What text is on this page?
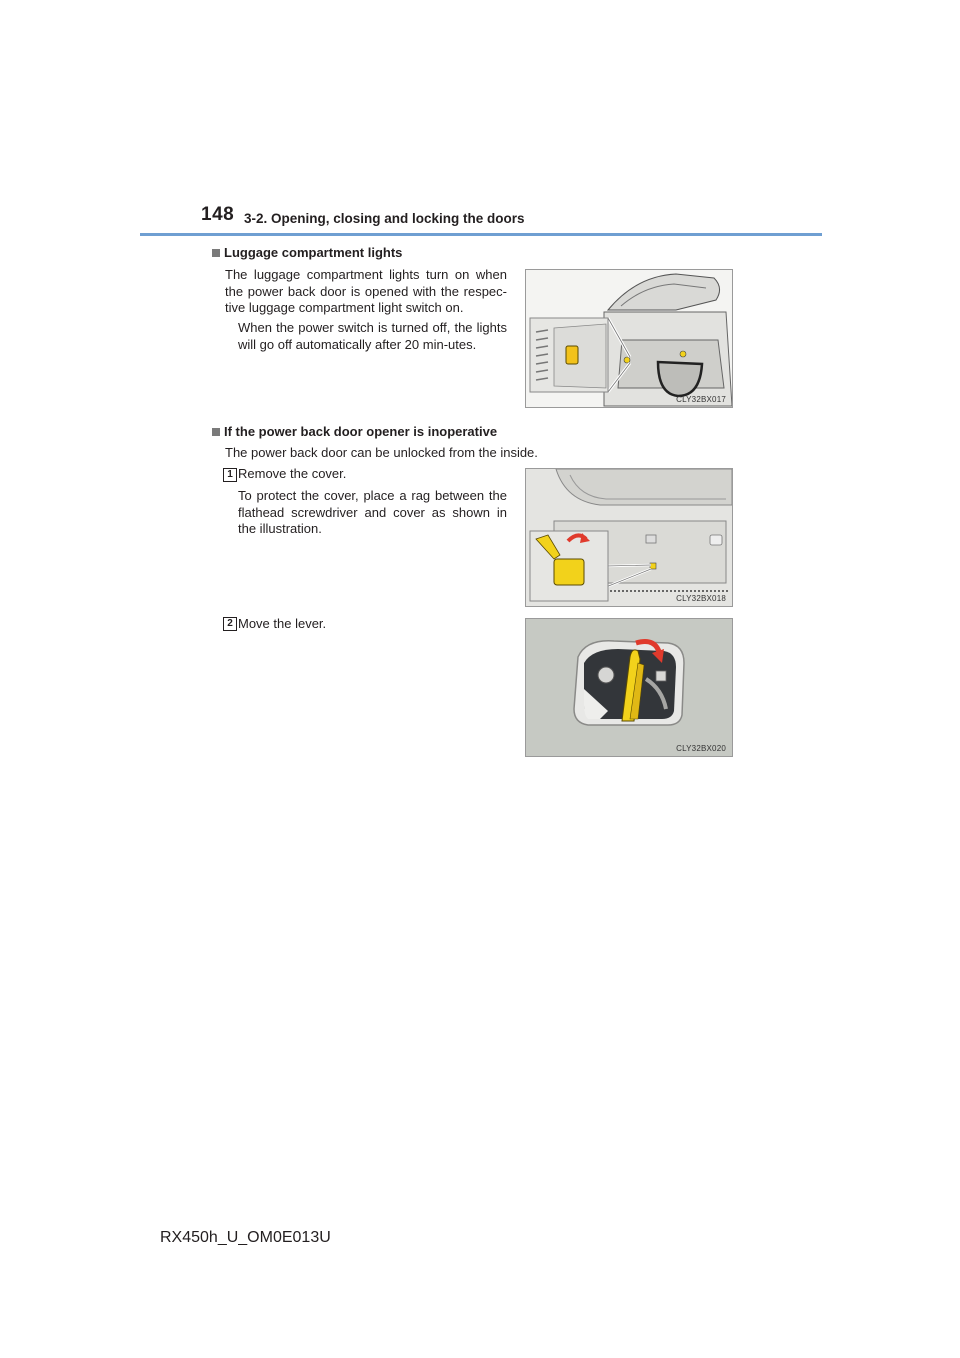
148 3-2. Opening, closing and locking the doors
Luggage compartment lights

The luggage compartment lights turn on when the power back door is opened with the respec-tive luggage compartment light switch on.

When the power switch is turned off, the lights will go off automatically after 20 min-utes.

CLY32BX017
If the power back door opener is inoperative

The power back door can be unlocked from the inside.

1 Remove the cover.

To protect the cover, place a rag between the flathead screwdriver and cover as shown in the illustration.

CLY32BX018
2 Move the lever.

CLY32BX020
RX450h_U_OM0E013U
